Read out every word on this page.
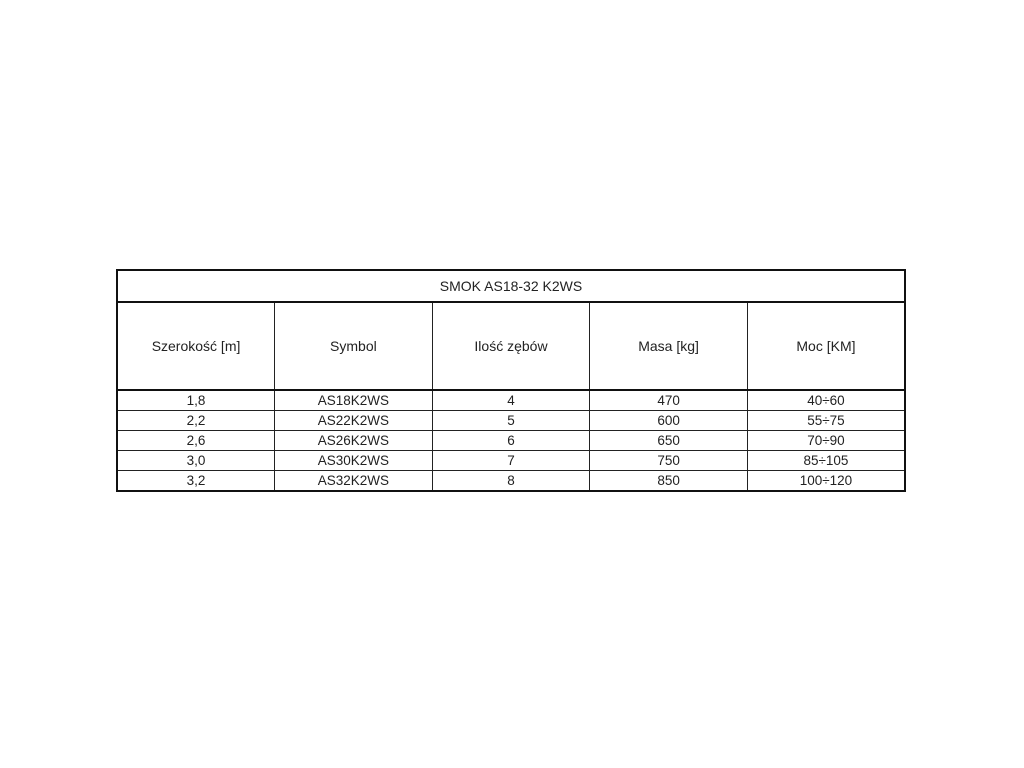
SMOK AS18-32 K2WS				
Szerokość [m]	Symbol	Ilość zębów	Masa [kg]	Moc [KM]
1,8	AS18K2WS	4	470	40÷60
2,2	AS22K2WS	5	600	55÷75
2,6	AS26K2WS	6	650	70÷90
3,0	AS30K2WS	7	750	85÷105
3,2	AS32K2WS	8	850	100÷120
